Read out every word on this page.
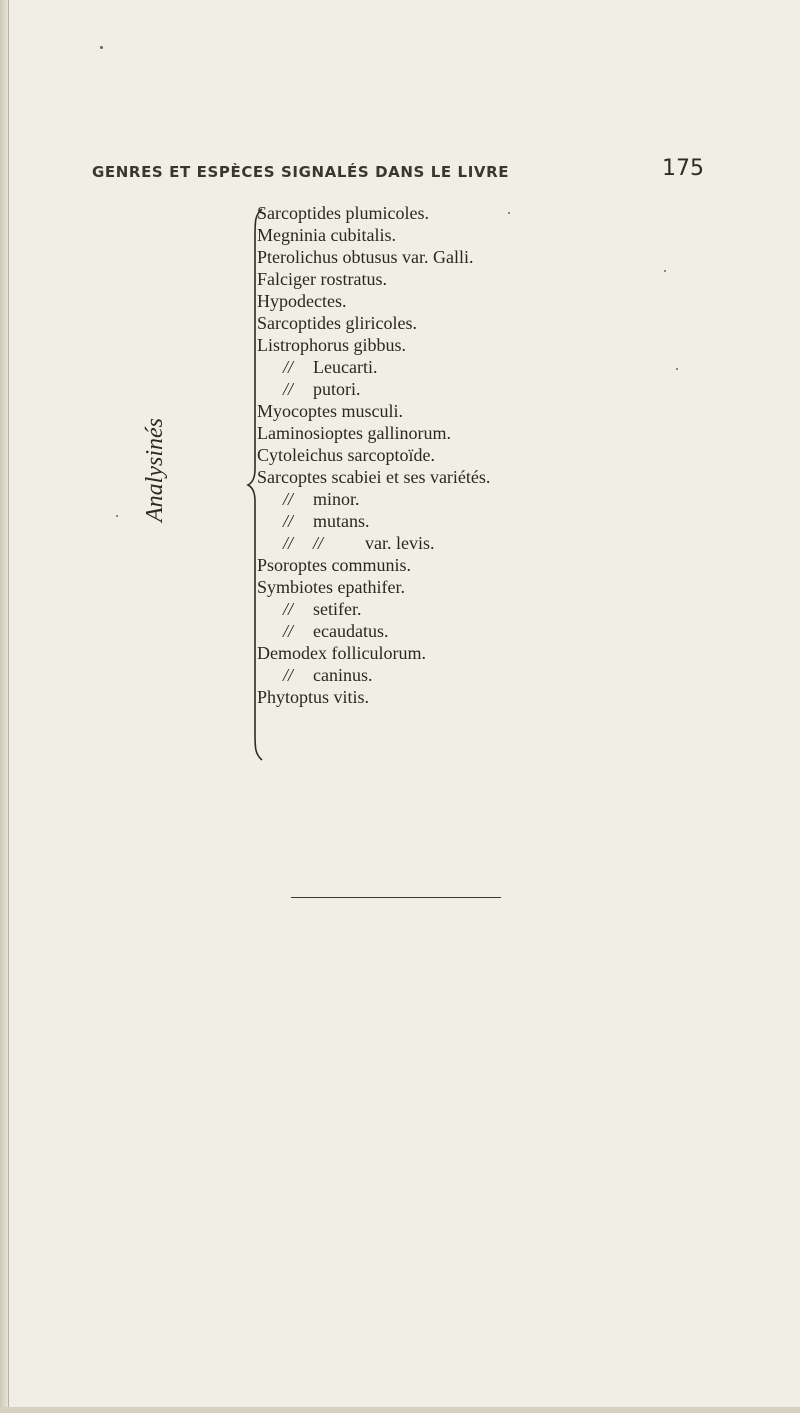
GENRES ET ESPÈCES SIGNALÉS DANS LE LIVRE	175
Analysinés
Sarcoptides plumicoles.
Megninia cubitalis.
Pterolichus obtusus var. Galli.
Falciger rostratus.
Hypodectes.
Sarcoptides gliricoles.
Listrophorus gibbus.
// Leucarti.
// putori.
Myocoptes musculi.
Laminosioptes gallinorum.
Cytoleichus sarcoptoïde.
Sarcoptes scabiei et ses variétés.
// minor.
// mutans.
// // var. levis.
Psoroptes communis.
Symbiotes epathifer.
// setifer.
// ecaudatus.
Demodex folliculorum.
// caninus.
Phytoptus vitis.
